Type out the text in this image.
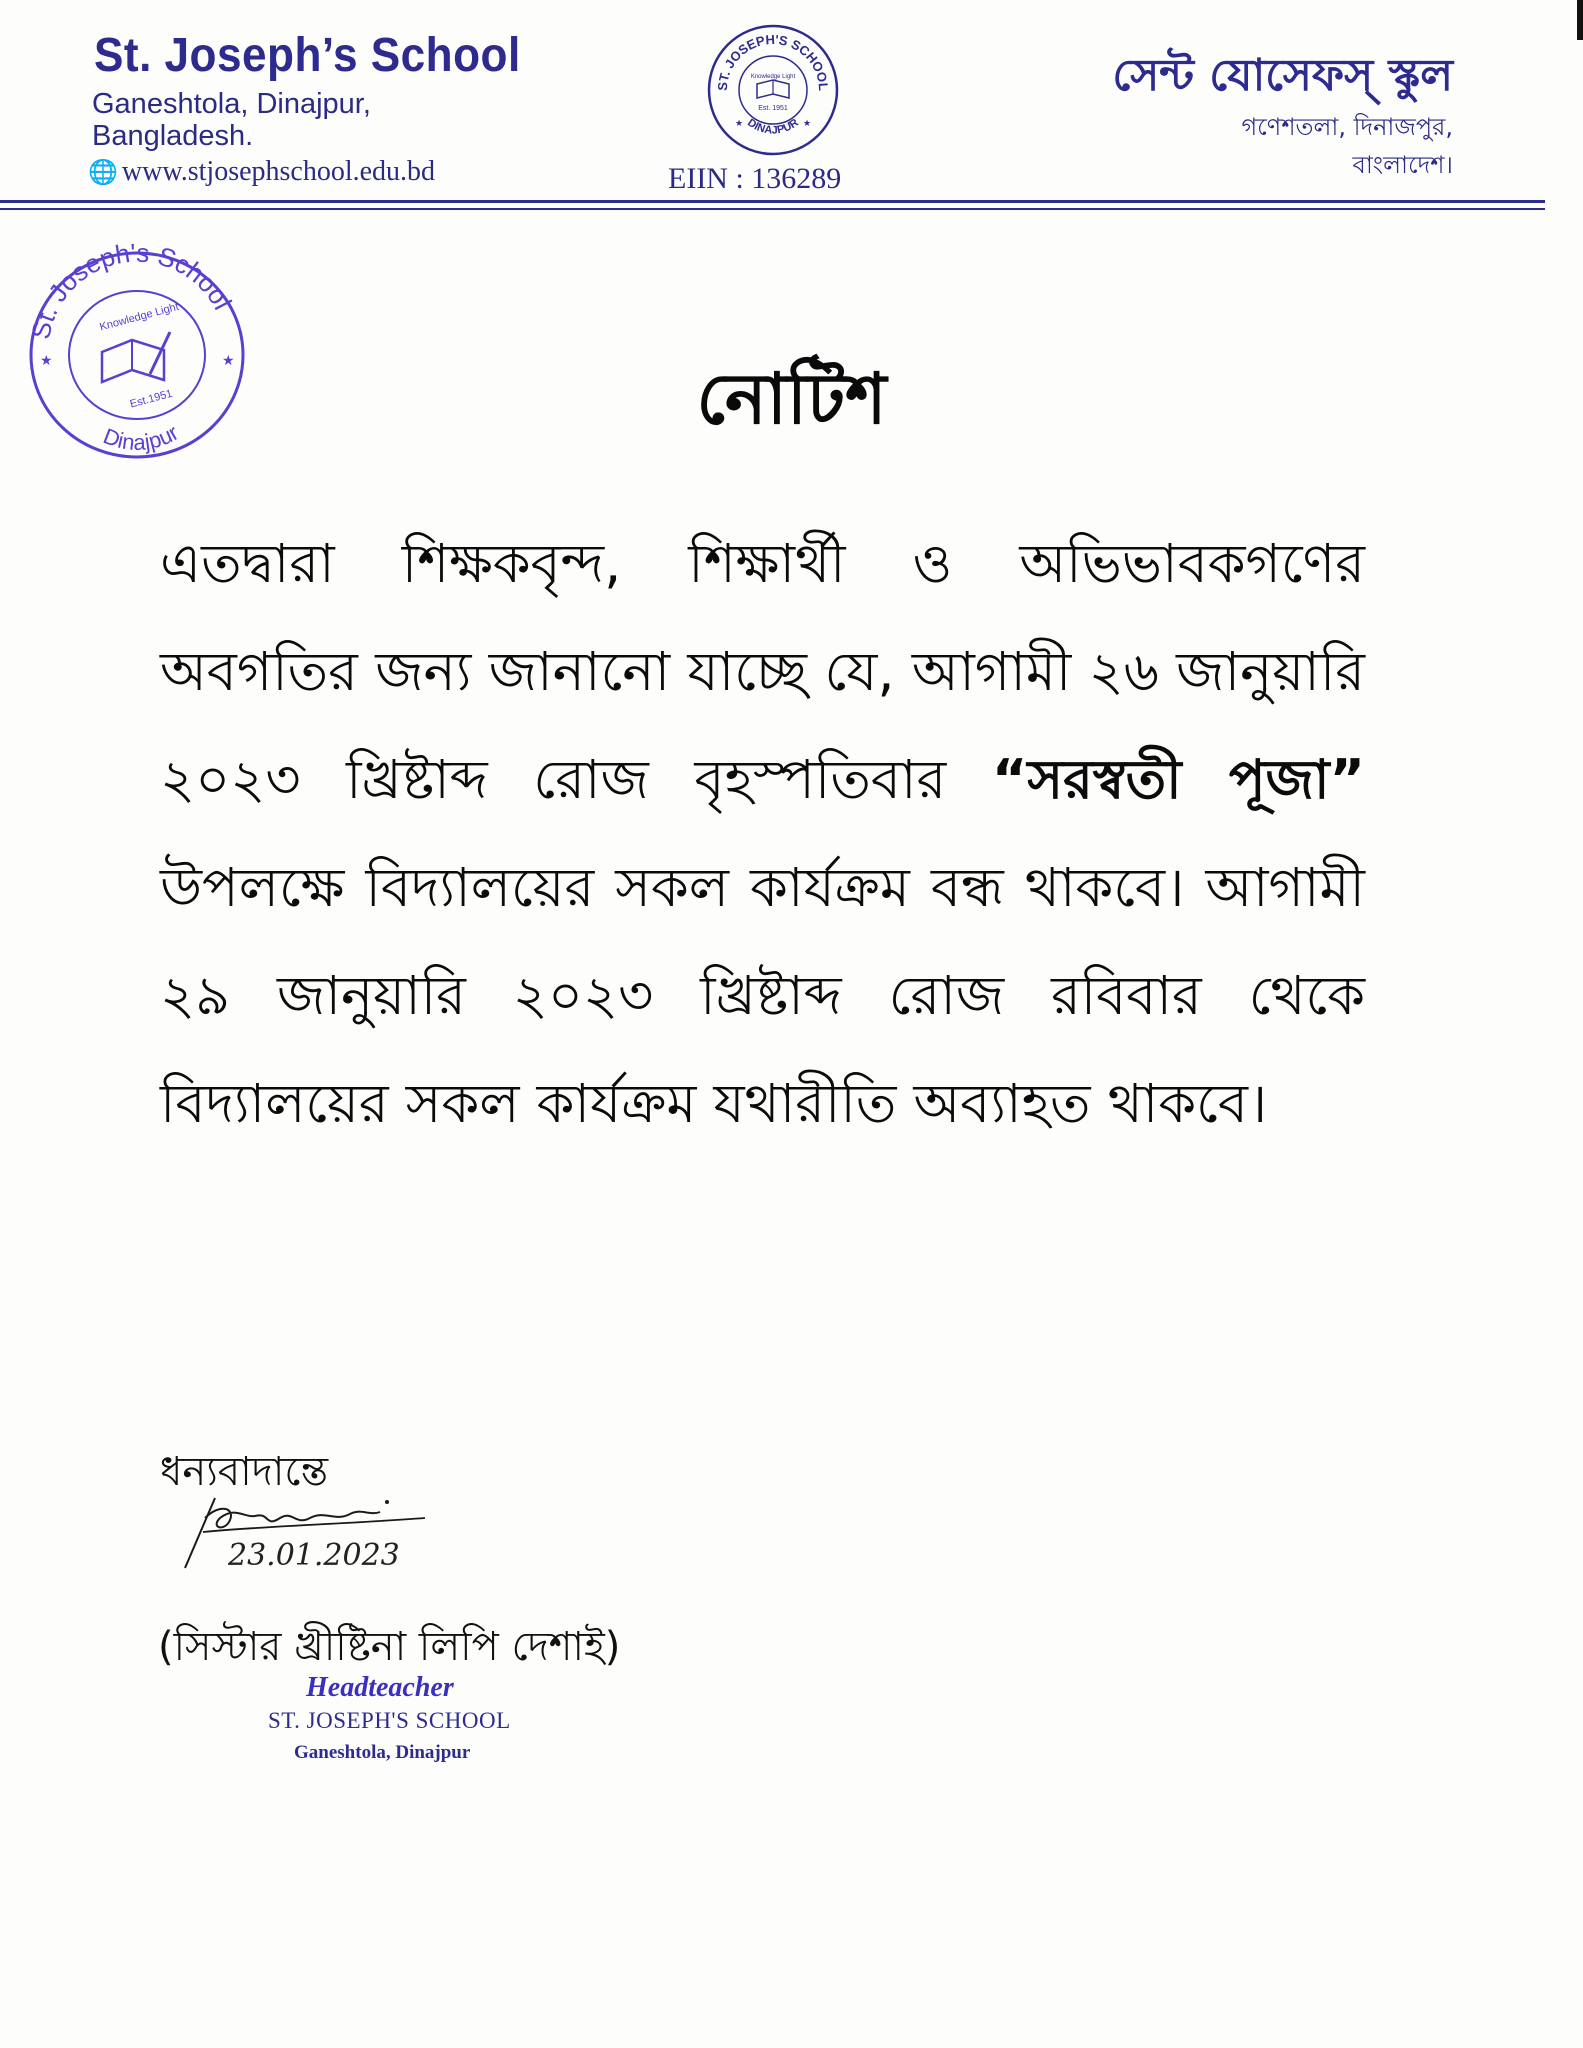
St. Joseph’s School
Ganeshtola, Dinajpur,
Bangladesh.
🌐 www.stjosephschool.edu.bd
ST. JOSEPH'S SCHOOL
DINAJPUR
Knowledge Light
Est. 1951
★	★
EIIN : 136289
সেন্ট যোসেফস্ স্কুল
গণেশতলা, দিনাজপুর,
বাংলাদেশ।
St. Joseph's School
Dinajpur
Knowledge Light
Est.1951
★	★	নোটিশ
এতদ্বারা শিক্ষকবৃন্দ, শিক্ষার্থী ও অভিভাবকগণের অবগতির জন্য জানানো যাচ্ছে যে, আগামী ২৬ জানুয়ারি ২০২৩ খ্রিষ্টাব্দ রোজ বৃহস্পতিবার “সরস্বতী পূজা” উপলক্ষে বিদ্যালয়ের সকল কার্যক্রম বন্ধ থাকবে। আগামী ২৯ জানুয়ারি ২০২৩ খ্রিষ্টাব্দ রোজ রবিবার থেকে বিদ্যালয়ের সকল কার্যক্রম যথারীতি অব্যাহত থাকবে।
ধন্যবাদান্তে
23.01.2023
(সিস্টার খ্রীষ্টিনা লিপি দেশাই)
Headteacher
ST. JOSEPH'S SCHOOL
Ganeshtola, Dinajpur
